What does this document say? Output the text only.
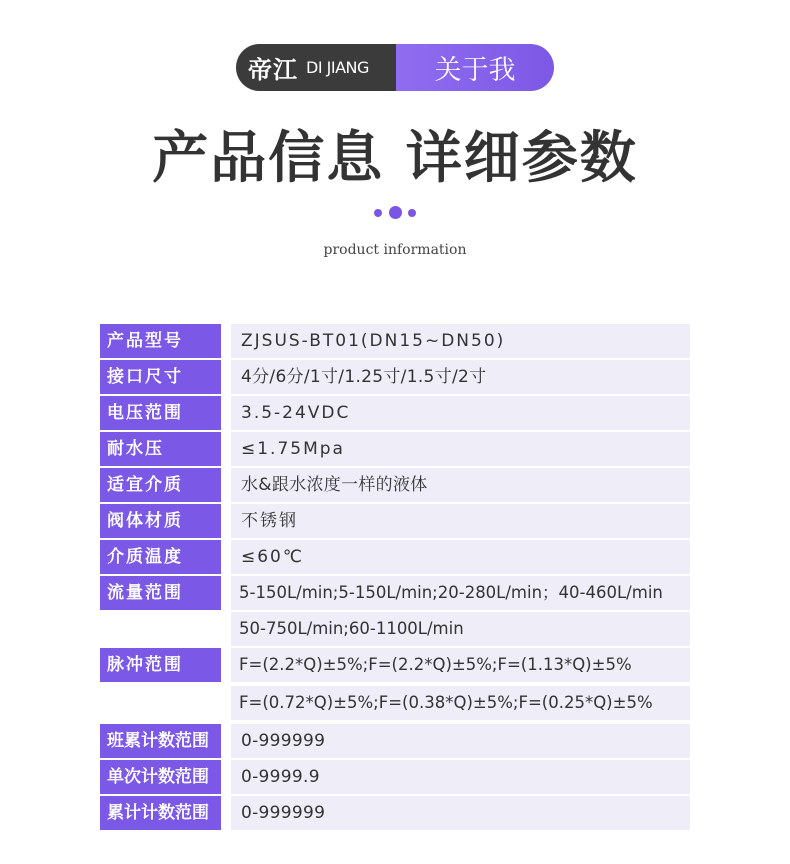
帝江 DI JIANG	关于我
产品信息 详细参数
product information
产品型号	ZJSUS-BT01(DN15~DN50)
接口尺寸	4分/6分/1寸/1.25寸/1.5寸/2寸
电压范围	3.5-24VDC
耐水压	≤1.75Mpa
适宜介质	水&跟水浓度一样的液体
阀体材质	不锈钢
介质温度	≤60℃
流量范围	5-150L/min;5-150L/min;20-280L/min；40-460L/min
50-750L/min;60-1100L/min
脉冲范围	F=(2.2*Q)±5%;F=(2.2*Q)±5%;F=(1.13*Q)±5%
F=(0.72*Q)±5%;F=(0.38*Q)±5%;F=(0.25*Q)±5%
班累计数范围	0-999999
单次计数范围	0-9999.9
累计计数范围	0-999999
